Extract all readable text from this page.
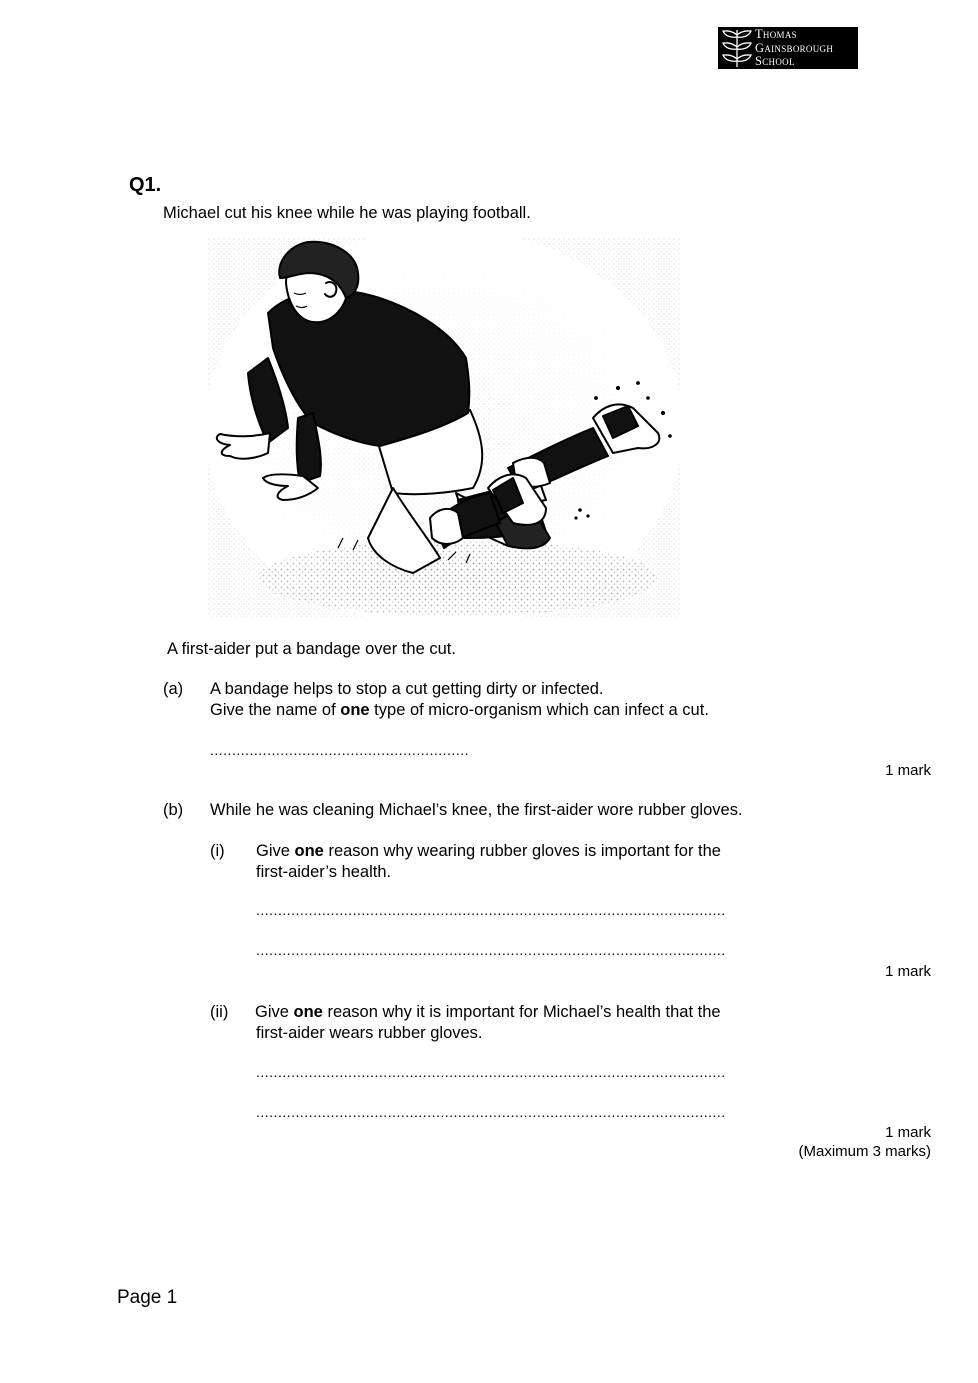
Thomas
Gainsborough
School
Q1.
Michael cut his knee while he was playing football.
A first-aider put a bandage over the cut.
(a) A bandage helps to stop a cut getting dirty or infected.
Give the name of one type of micro-organism which can infect a cut.
...........................................................
1 mark
(b) While he was cleaning Michael’s knee, the first-aider wore rubber gloves.
(i) Give one reason why wearing rubber gloves is important for the
first-aider’s health.
...........................................................................................................
...........................................................................................................
1 mark
(ii) Give one reason why it is important for Michael’s health that the
first-aider wears rubber gloves.
...........................................................................................................
...........................................................................................................
1 mark
(Maximum 3 marks)
Page 1
